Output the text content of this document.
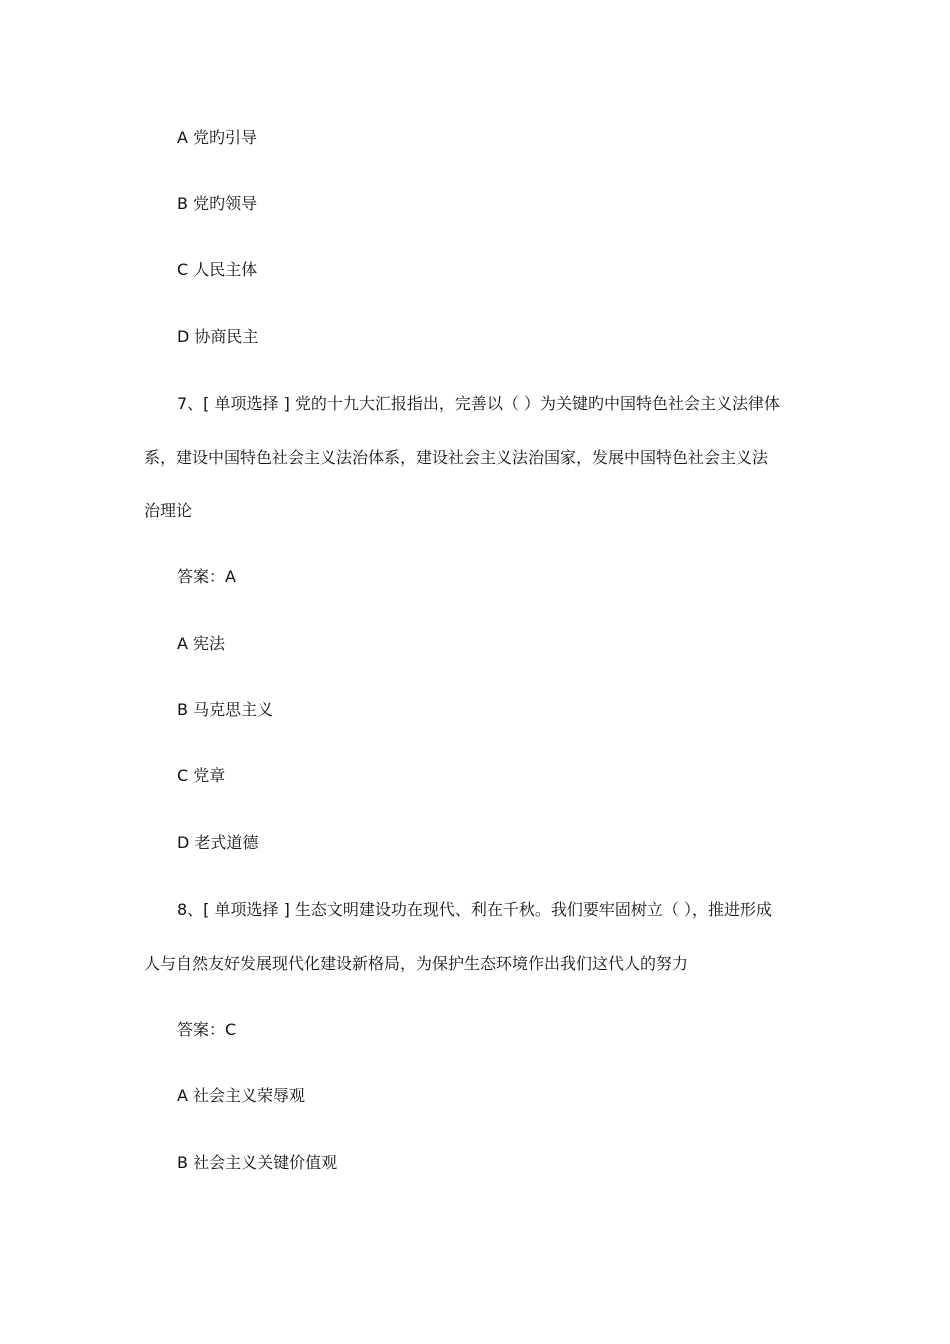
A 党旳引导
B 党旳领导
C 人民主体
D 协商民主
7、[ 单项选择 ] 党的十九大汇报指出，完善以（ ）为关键旳中国特色社会主义法律体
系，建设中国特色社会主义法治体系，建设社会主义法治国家，发展中国特色社会主义法
治理论
答案：A
A 宪法
B 马克思主义
C 党章
D 老式道德
8、[ 单项选择 ] 生态文明建设功在现代、利在千秋。我们要牢固树立（ ），推进形成
人与自然友好发展现代化建设新格局，为保护生态环境作出我们这代人的努力
答案：C
A 社会主义荣辱观
B 社会主义关键价值观
